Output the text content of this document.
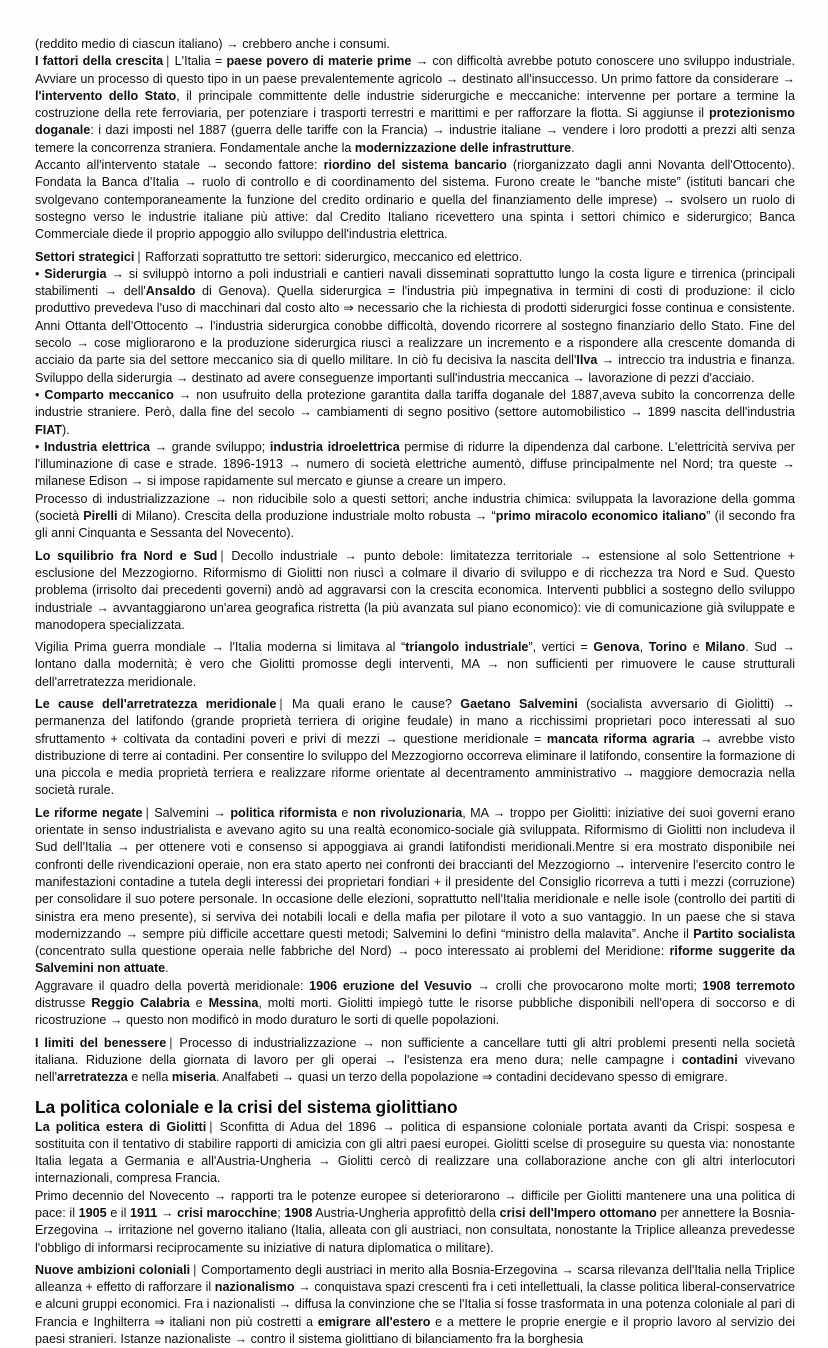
(reddito medio di ciascun italiano) → crebbero anche i consumi.

I fattori della crescita | L'Italia = paese povero di materie prime → con difficoltà avrebbe potuto conoscere uno sviluppo industriale. Avviare un processo di questo tipo in un paese prevalentemente agricolo → destinato all'insuccesso. Un primo fattore da considerare → l'intervento dello Stato, il principale committente delle industrie siderurgiche e meccaniche: intervenne per portare a termine la costruzione della rete ferroviaria, per potenziare i trasporti terrestri e marittimi e per rafforzare la flotta. Si aggiunse il protezionismo doganale: i dazi imposti nel 1887 (guerra delle tariffe con la Francia) → industrie italiane → vendere i loro prodotti a prezzi alti senza temere la concorrenza straniera. Fondamentale anche la modernizzazione delle infrastrutture.

Accanto all'intervento statale → secondo fattore: riordino del sistema bancario (riorganizzato dagli anni Novanta dell'Ottocento). Fondata la Banca d'Italia → ruolo di controllo e di coordinamento del sistema. Furono create le “banche miste” (istituti bancari che svolgevano contemporaneamente la funzione del credito ordinario e quella del finanziamento delle imprese) → svolsero un ruolo di sostegno verso le industrie italiane più attive: dal Credito Italiano ricevettero una spinta i settori chimico e siderurgico; Banca Commerciale diede il proprio appoggio allo sviluppo dell'industria elettrica.

Settori strategici | Rafforzati soprattutto tre settori: siderurgico, meccanico ed elettrico.

• Siderurgia → si sviluppò intorno a poli industriali e cantieri navali disseminati soprattutto lungo la costa ligure e tirrenica (principali stabilimenti → dell'Ansaldo di Genova). Quella siderurgica = l'industria più impegnativa in termini di costi di produzione: il ciclo produttivo prevedeva l'uso di macchinari dal costo alto ⇒ necessario che la richiesta di prodotti siderurgici fosse continua e consistente. Anni Ottanta dell'Ottocento → l'industria siderurgica conobbe difficoltà, dovendo ricorrere al sostegno finanziario dello Stato. Fine del secolo → cose migliorarono e la produzione siderurgica riuscì a realizzare un incremento e a rispondere alla crescente domanda di acciaio da parte sia del settore meccanico sia di quello militare. In ciò fu decisiva la nascita dell'Ilva → intreccio tra industria e finanza. Sviluppo della siderurgia → destinato ad avere conseguenze importanti sull'industria meccanica → lavorazione di pezzi d'acciaio.

• Comparto meccanico → non usufruito della protezione garantita dalla tariffa doganale del 1887,aveva subito la concorrenza delle industrie straniere. Però, dalla fine del secolo → cambiamenti di segno positivo (settore automobilistico → 1899 nascita dell'industria FIAT).

• Industria elettrica → grande sviluppo; industria idroelettrica permise di ridurre la dipendenza dal carbone. L'elettricità serviva per l'illuminazione di case e strade. 1896-1913 → numero di società elettriche aumentò, diffuse principalmente nel Nord; tra queste → milanese Edison → si impose rapidamente sul mercato e giunse a creare un impero.

Processo di industrializzazione → non riducibile solo a questi settori; anche industria chimica: sviluppata la lavorazione della gomma (società Pirelli di Milano). Crescita della produzione industriale molto robusta → “primo miracolo economico italiano” (il secondo fra gli anni Cinquanta e Sessanta del Novecento).

Lo squilibrio fra Nord e Sud | Decollo industriale → punto debole: limitatezza territoriale → estensione al solo Settentrione + esclusione del Mezzogiorno. Riformismo di Giolitti non riuscì a colmare il divario di sviluppo e di ricchezza tra Nord e Sud. Questo problema (irrisolto dai precedenti governi) andò ad aggravarsi con la crescita economica. Interventi pubblici a sostegno dello sviluppo industriale → avvantaggiarono un'area geografica ristretta (la più avanzata sul piano economico): vie di comunicazione già sviluppate e manodopera specializzata.

Vigilia Prima guerra mondiale → l'Italia moderna si limitava al “triangolo industriale”, vertici = Genova, Torino e Milano. Sud → lontano dalla modernità; è vero che Giolitti promosse degli interventi, MA → non sufficienti per rimuovere le cause strutturali dell'arretratezza meridionale.

Le cause dell'arretratezza meridionale | Ma quali erano le cause? Gaetano Salvemini (socialista avversario di Giolitti) → permanenza del latifondo (grande proprietà terriera di origine feudale) in mano a ricchissimi proprietari poco interessati al suo sfruttamento + coltivata da contadini poveri e privi di mezzi → questione meridionale = mancata riforma agraria → avrebbe visto distribuzione di terre ai contadini. Per consentire lo sviluppo del Mezzogiorno occorreva eliminare il latifondo, consentire la formazione di una piccola e media proprietà terriera e realizzare riforme orientate al decentramento amministrativo → maggiore democrazia nella società rurale.

Le riforme negate | Salvemini → politica riformista e non rivoluzionaria, MA → troppo per Giolitti: iniziative dei suoi governi erano orientate in senso industrialista e avevano agito su una realtà economico-sociale già sviluppata. Riformismo di Giolitti non includeva il Sud dell'Italia → per ottenere voti e consenso si appoggiava ai grandi latifondisti meridionali.Mentre si era mostrato disponibile nei confronti delle rivendicazioni operaie, non era stato aperto nei confronti dei braccianti del Mezzogiorno → intervenire l'esercito contro le manifestazioni contadine a tutela degli interessi dei proprietari fondiari + il presidente del Consiglio ricorreva a tutti i mezzi (corruzione) per consolidare il suo potere personale. In occasione delle elezioni, soprattutto nell'Italia meridionale e nelle isole (controllo dei partiti di sinistra era meno presente), si serviva dei notabili locali e della mafia per pilotare il voto a suo vantaggio. In un paese che si stava modernizzando → sempre più difficile accettare questi metodi; Salvemini lo definì “ministro della malavita”. Anche il Partito socialista (concentrato sulla questione operaia nelle fabbriche del Nord) → poco interessato ai problemi del Meridione: riforme suggerite da Salvemini non attuate.

Aggravare il quadro della povertà meridionale: 1906 eruzione del Vesuvio → crolli che provocarono molte morti; 1908 terremoto distrusse Reggio Calabria e Messina, molti morti. Giolitti impiegò tutte le risorse pubbliche disponibili nell'opera di soccorso e di ricostruzione → questo non modificò in modo duraturo le sorti di quelle popolazioni.

I limiti del benessere | Processo di industrializzazione → non sufficiente a cancellare tutti gli altri problemi presenti nella società italiana. Riduzione della giornata di lavoro per gli operai → l'esistenza era meno dura; nelle campagne i contadini vivevano nell'arretratezza e nella miseria. Analfabeti → quasi un terzo della popolazione ⇒ contadini decidevano spesso di emigrare.

La politica coloniale e la crisi del sistema giolittiano

La politica estera di Giolitti | Sconfitta di Adua del 1896 → politica di espansione coloniale portata avanti da Crispi: sospesa e sostituita con il tentativo di stabilire rapporti di amicizia con gli altri paesi europei. Giolitti scelse di proseguire su questa via: nonostante Italia legata a Germania e all'Austria-Ungheria → Giolitti cercò di realizzare una collaborazione anche con gli altri interlocutori internazionali, compresa Francia.

Primo decennio del Novecento → rapporti tra le potenze europee si deteriorarono → difficile per Giolitti mantenere una una politica di pace: il 1905 e il 1911 → crisi marocchine; 1908 Austria-Ungheria approfittò della crisi dell'Impero ottomano per annettere la Bosnia-Erzegovina → irritazione nel governo italiano (Italia, alleata con gli austriaci, non consultata, nonostante la Triplice alleanza prevedesse l'obbligo di informarsi reciprocamente su iniziative di natura diplomatica o militare).

Nuove ambizioni coloniali | Comportamento degli austriaci in merito alla Bosnia-Erzegovina → scarsa rilevanza dell'Italia nella Triplice alleanza + effetto di rafforzare il nazionalismo → conquistava spazi crescenti fra i ceti intellettuali, la classe politica liberal-conservatrice e alcuni gruppi economici. Fra i nazionalisti → diffusa la convinzione che se l'Italia si fosse trasformata in una potenza coloniale al pari di Francia e Inghilterra ⇒ italiani non più costretti a emigrare all'estero e a mettere le proprie energie e il proprio lavoro al servizio dei paesi stranieri. Istanze nazionaliste → contro il sistema giolittiano di bilanciamento fra la borghesia
